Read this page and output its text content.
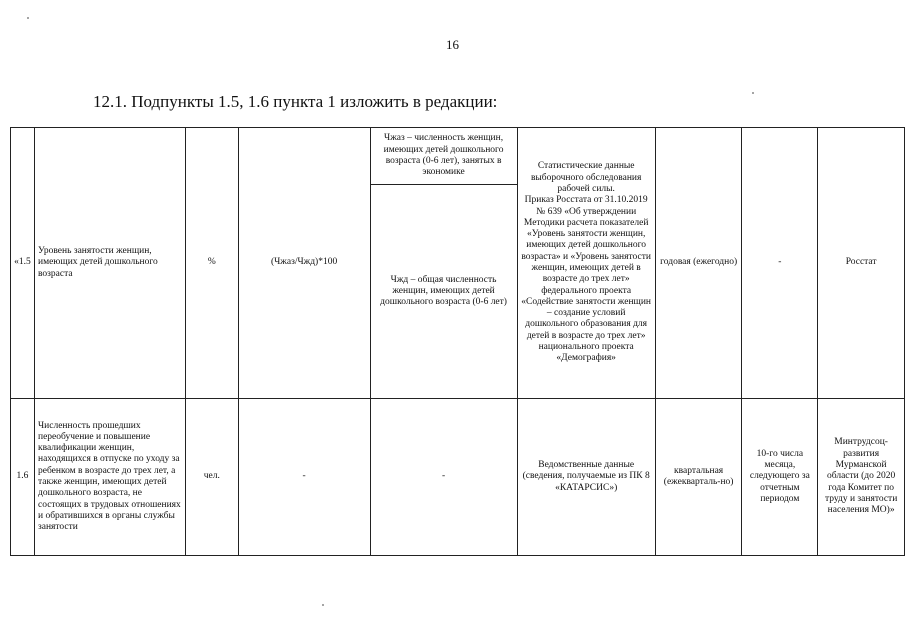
16
12.1. Подпункты 1.5, 1.6 пункта 1 изложить в редакции:
«1.5	Уровень занятости женщин, имеющих детей дошкольного возраста	%	(Чжаз/Чжд)*100	Чжаз – численность женщин, имеющих детей дошкольного возраста (0-6 лет), занятых в экономике	Статистические данные выборочного обследования рабочей силы.
Приказ Росстата от 31.10.2019 № 639 «Об утверждении Методики расчета показателей «Уровень занятости женщин, имеющих детей дошкольного возраста» и «Уровень занятости женщин, имеющих детей в возрасте до трех лет» федерального проекта «Содействие занятости женщин – создание условий дошкольного образования для детей в возрасте до трех лет» национального проекта «Демография»	годовая (ежегодно)	-	Росстат
				Чжд – общая численность женщин, имеющих детей дошкольного возраста (0-6 лет)				
1.6	Численность прошедших переобучение и повышение квалификации женщин, находящихся в отпуске по уходу за ребенком в возрасте до трех лет, а также женщин, имеющих детей дошкольного возраста, не состоящих в трудовых отношениях и обратившихся в органы службы занятости	чел.	-	-	Ведомственные данные (сведения, получаемые из ПК 8 «КАТАРСИС»)	квартальная (ежекварталь-но)	10-го числа месяца, следующего за отчетным периодом	Минтрудсоц-развития Мурманской области (до 2020 года Комитет по труду и занятости населения МО)»
